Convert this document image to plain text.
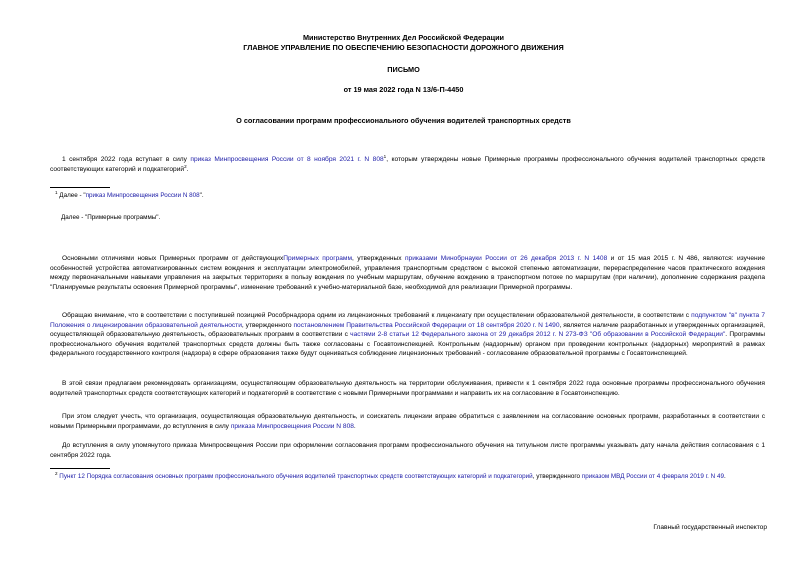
Министерство Внутренних Дел Российской Федерации
ГЛАВНОЕ УПРАВЛЕНИЕ ПО ОБЕСПЕЧЕНИЮ БЕЗОПАСНОСТИ ДОРОЖНОГО ДВИЖЕНИЯ
ПИСЬМО
от 19 мая 2022 года N 13/6-П-4450
О согласовании программ профессионального обучения водителей транспортных средств
1 сентября 2022 года вступает в силу приказ Минпросвещения России от 8 ноября 2021 г. N $808^1$, которым утверждены новые Примерные программы профессионального обучения водителей транспортных средств соответствующих категорий и подкатегорий$^2$.
$^1$ Далее - "приказ Минпросвещения России N 808".
Далее - "Примерные программы".
Основными отличиями новых Примерных программ от действующихПримерных программ, утвержденных приказами Минобрнауки России от 26 декабря 2013 г. N 1408 и от 15 мая 2015 г. N 486, являются: изучение особенностей устройства автоматизированных систем вождения и эксплуатации электромобилей, управления транспортным средством с высокой степенью автоматизации, перераспределение часов практического вождения между первоначальными навыками управления на закрытых территориях в пользу вождения по учебным маршрутам, обучение вождению в транспортном потоке по маршрутам (при наличии), дополнение содержания раздела "Планируемые результаты освоения Примерной программы", изменение требований к учебно-материальной базе, необходимой для реализации Примерной программы.
Обращаю внимание, что в соответствии с поступившей позицией Рособрнадзора одним из лицензионных требований к лицензиату при осуществлении образовательной деятельности, в соответствии с подпунктом "в" пункта 7 Положения о лицензировании образовательной деятельности, утвержденного постановлением Правительства Российской Федерации от 18 сентября 2020 г. N 1490, является наличие разработанных и утвержденных организацией, осуществляющей образовательную деятельность, образовательных программ в соответствии с частями 2-8 статьи 12 Федерального закона от 29 декабря 2012 г. N 273-ФЗ "Об образовании в Российской Федерации". Программы профессионального обучения водителей транспортных средств должны быть также согласованы с Госавтоинспекцией. Контрольным (надзорным) органом при проведении контрольных (надзорных) мероприятий в рамках федерального государственного контроля (надзора) в сфере образования также будут оцениваться соблюдение лицензионных требований - согласование образовательной программы с Госавтоинспекцией.
В этой связи предлагаем рекомендовать организациям, осуществляющим образовательную деятельность на территории обслуживания, привести к 1 сентября 2022 года основные программы профессионального обучения водителей транспортных средств соответствующих категорий и подкатегорий в соответствие с новыми Примерными программами и направить их на согласование в Госавтоинспекцию.
При этом следует учесть, что организация, осуществляющая образовательную деятельность, и соискатель лицензии вправе обратиться с заявлением на согласование основных программ, разработанных в соответствии с новыми Примерными программами, до вступления в силу приказа Минпросвещения России N 808.
До вступления в силу упомянутого приказа Минпросвещения России при оформлении согласования программ профессионального обучения на титульном листе программы указывать дату начала действия согласования с 1 сентября 2022 года.
$^2$ Пункт 12 Порядка согласования основных программ профессионального обучения водителей транспортных средств соответствующих категорий и подкатегорий, утвержденного приказом МВД России от 4 февраля 2019 г. N 49.
Главный государственный инспектор
